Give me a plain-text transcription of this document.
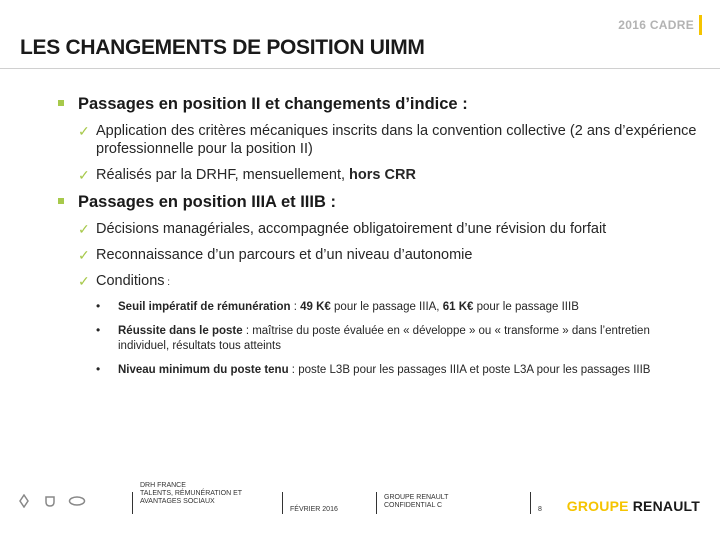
2016 CADRE
LES CHANGEMENTS DE POSITION UIMM
Passages en position II et changements d’indice :
✓ Application des critères mécaniques inscrits dans la convention collective (2 ans d’expérience professionnelle pour la position II)
✓ Réalisés par la DRHF, mensuellement, hors CRR
Passages en position IIIA et IIIB :
✓ Décisions managériales, accompagnée obligatoirement d’une révision du forfait
✓ Reconnaissance d’un parcours et d’un niveau d’autonomie
✓ Conditions :
• Seuil impératif de rémunération : 49 K€ pour le passage IIIA, 61 K€ pour le passage IIIB
• Réussite dans le poste : maîtrise du poste évaluée en « développe » ou « transforme » dans l’entretien individuel, résultats tous atteints
• Niveau minimum du poste tenu : poste L3B pour les passages IIIA et poste L3A pour les passages IIIB
DRH FRANCE
TALENTS, RÉMUNÉRATION ET
AVANTAGES SOCIAUX
FÉVRIER 2016
GROUPE RENAULT
CONFIDENTIAL C
8 GROUPE RENAULT
